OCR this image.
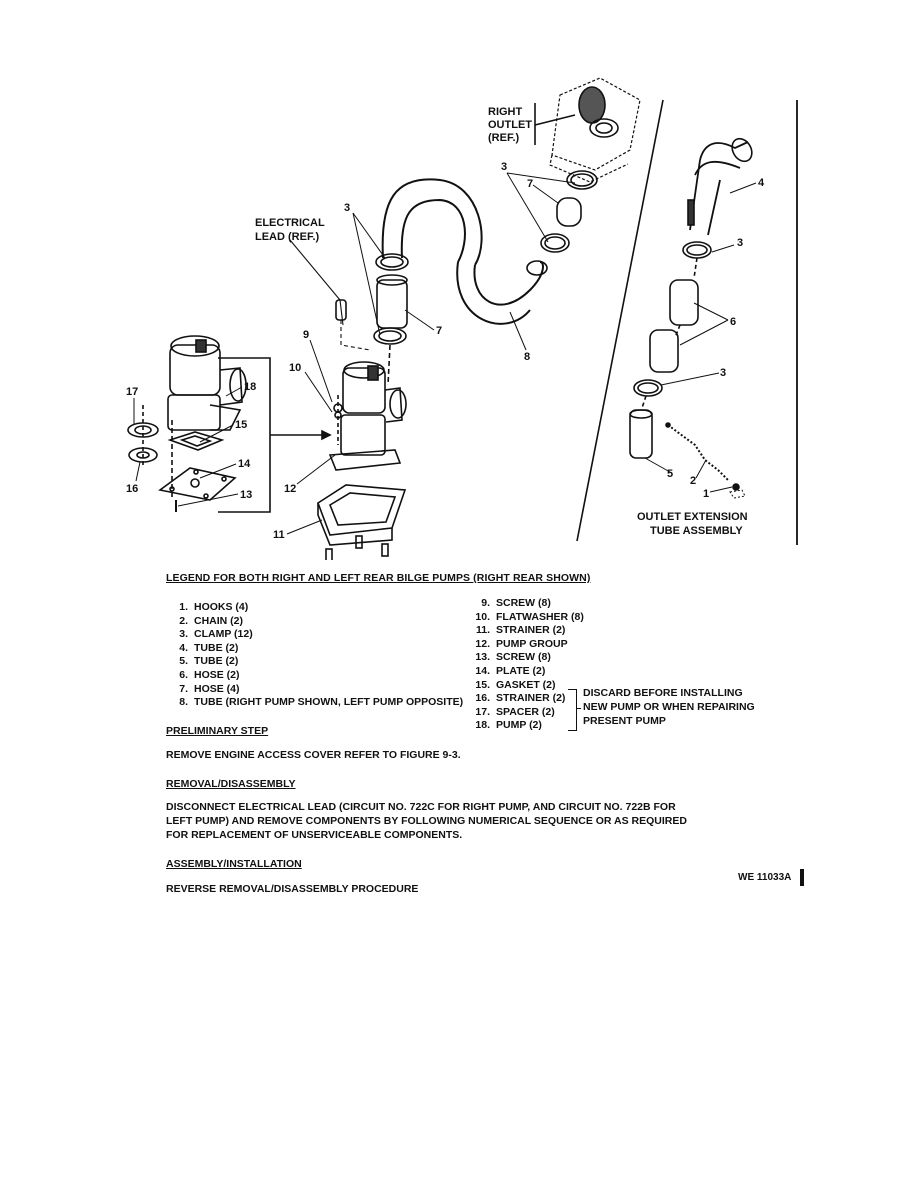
RIGHT
OUTLET
(REF.)
ELECTRICAL
LEAD (REF.)
OUTLET EXTENSION
TUBE ASSEMBLY
1
2
3
3
3
3
4
5
6
7
7
8
9
10
11
12
13
14
15
16
17	18
LEGEND FOR BOTH RIGHT AND LEFT REAR BILGE PUMPS (RIGHT REAR SHOWN)
1. HOOKS (4)
2. CHAIN (2)
3. CLAMP (12)
4. TUBE (2)
5. TUBE (2)
6. HOSE (2)
7. HOSE (4)
8. TUBE (RIGHT PUMP SHOWN, LEFT PUMP OPPOSITE)
9. SCREW (8)
10. FLATWASHER (8)
11. STRAINER (2)
12. PUMP GROUP
13. SCREW (8)
14. PLATE (2)
15. GASKET (2)
16. STRAINER (2)
17. SPACER (2)
18. PUMP (2)
DISCARD BEFORE INSTALLING
NEW PUMP OR WHEN REPAIRING
PRESENT PUMP
PRELIMINARY STEP
REMOVE ENGINE ACCESS COVER REFER TO FIGURE 9-3.
REMOVAL/DISASSEMBLY
DISCONNECT ELECTRICAL LEAD (CIRCUIT NO. 722C FOR RIGHT PUMP, AND CIRCUIT NO. 722B FOR
LEFT PUMP) AND REMOVE COMPONENTS BY FOLLOWING NUMERICAL SEQUENCE OR AS REQUIRED
FOR REPLACEMENT OF UNSERVICEABLE COMPONENTS.
ASSEMBLY/INSTALLATION
REVERSE REMOVAL/DISASSEMBLY PROCEDURE
WE 11033A
